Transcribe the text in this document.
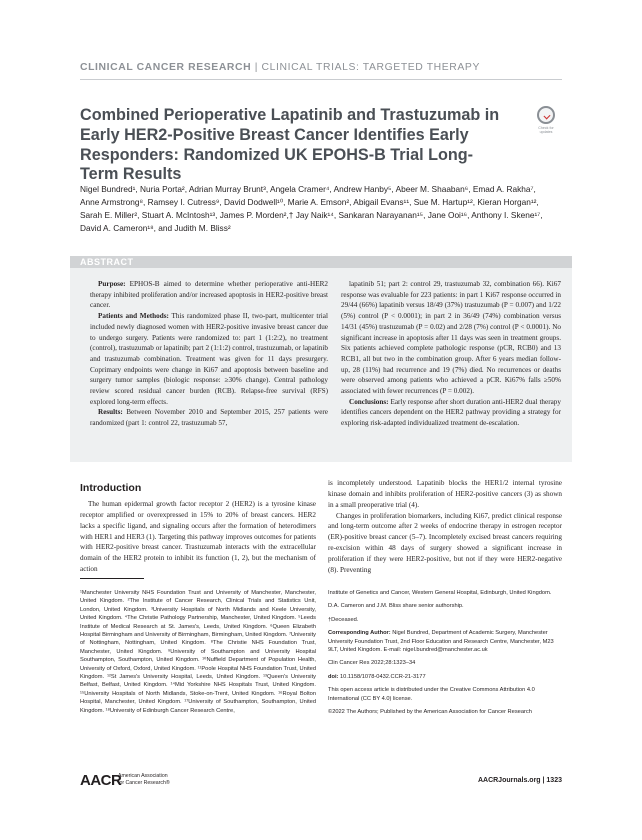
CLINICAL CANCER RESEARCH | CLINICAL TRIALS: TARGETED THERAPY
Combined Perioperative Lapatinib and Trastuzumab in Early HER2-Positive Breast Cancer Identifies Early Responders: Randomized UK EPOHS-B Trial Long-Term Results
Check for updates
Nigel Bundred¹, Nuria Porta², Adrian Murray Brunt³, Angela Cramer⁴, Andrew Hanby⁵, Abeer M. Shaaban⁶, Emad A. Rakha⁷, Anne Armstrong⁸, Ramsey I. Cutress⁹, David Dodwell¹⁰, Marie A. Emson², Abigail Evans¹¹, Sue M. Hartup¹², Kieran Horgan¹², Sarah E. Miller², Stuart A. McIntosh¹³, James P. Morden²,† Jay Naik¹⁴, Sankaran Narayanan¹⁵, Jane Ooi¹⁶, Anthony I. Skene¹⁷, David A. Cameron¹⁸, and Judith M. Bliss²
ABSTRACT

Purpose: EPHOS-B aimed to determine whether perioperative anti-HER2 therapy inhibited proliferation and/or increased apoptosis in HER2-positive breast cancer.

Patients and Methods: This randomized phase II, two-part, multicenter trial included newly diagnosed women with HER2-positive invasive breast cancer due to undergo surgery. Patients were randomized to: part 1 (1:2:2), no treatment (control), trastuzumab or lapatinib; part 2 (1:1:2) control, trastuzumab, or lapatinib and trastuzumab combination. Treatment was given for 11 days presurgery. Coprimary endpoints were change in Ki67 and apoptosis between baseline and surgery tumor samples (biologic response: ≥30% change). Central pathology review scored residual cancer burden (RCB). Relapse-free survival (RFS) explored long-term effects.

Results: Between November 2010 and September 2015, 257 patients were randomized (part 1: control 22, trastuzumab 57,

lapatinib 51; part 2: control 29, trastuzumab 32, combination 66). Ki67 response was evaluable for 223 patients: in part 1 Ki67 response occurred in 29/44 (66%) lapatinib versus 18/49 (37%) trastuzumab (P = 0.007) and 1/22 (5%) control (P < 0.0001); in part 2 in 36/49 (74%) combination versus 14/31 (45%) trastuzumab (P = 0.02) and 2/28 (7%) control (P < 0.0001). No significant increase in apoptosis after 11 days was seen in treatment groups. Six patients achieved complete pathologic response (pCR, RCB0) and 13 RCB1, all but two in the combination group. After 6 years median follow-up, 28 (11%) had recurrence and 19 (7%) died. No recurrences or deaths were observed among patients who achieved a pCR. Ki67% falls ≥50% associated with fewer recurrences (P = 0.002).

Conclusions: Early response after short duration anti-HER2 dual therapy identifies cancers dependent on the HER2 pathway providing a strategy for exploring risk-adapted individualized treatment de-escalation.

Introduction

The human epidermal growth factor receptor 2 (HER2) is a tyrosine kinase receptor amplified or overexpressed in 15% to 20% of breast cancers. HER2 lacks a specific ligand, and signaling occurs after the formation of heterodimers with HER1 and HER3 (1). Targeting this pathway improves outcomes for patients with HER2-positive breast cancer. Trastuzumab interacts with the extracellular domain of the HER2 protein to inhibit its function (1, 2), but the mechanism of action

is incompletely understood. Lapatinib blocks the HER1/2 internal tyrosine kinase domain and inhibits proliferation of HER2-positive cancers (3) as shown in a small preoperative trial (4).

Changes in proliferation biomarkers, including Ki67, predict clinical response and long-term outcome after 2 weeks of endocrine therapy in estrogen receptor (ER)-positive breast cancer (5–7). Incompletely excised breast cancers requiring re-excision within 48 days of surgery showed a significant increase in proliferation if they were HER2-positive, but not if they were HER2-negative (8). Preventing

¹Manchester University NHS Foundation Trust and University of Manchester, Manchester, United Kingdom. ²The Institute of Cancer Research, Clinical Trials and Statistics Unit, London, United Kingdom. ³University Hospitals of North Midlands and Keele University, United Kingdom. ⁴The Christie Pathology Partnership, Manchester, United Kingdom. ⁵Leeds Institute of Medical Research at St. James's, Leeds, United Kingdom. ⁶Queen Elizabeth Hospital Birmingham and University of Birmingham, Birmingham, United Kingdom. ⁷University of Nottingham, Nottingham, United Kingdom. ⁸The Christie NHS Foundation Trust, Manchester, United Kingdom. ⁹University of Southampton and University Hospital Southampton, Southampton, United Kingdom. ¹⁰Nuffield Department of Population Health, University of Oxford, Oxford, United Kingdom. ¹¹Poole Hospital NHS Foundation Trust, United Kingdom. ¹²St James's University Hospital, Leeds, United Kingdom. ¹³Queen's University Belfast, Belfast, United Kingdom. ¹⁴Mid Yorkshire NHS Hospitals Trust, United Kingdom. ¹⁵University Hospitals of North Midlands, Stoke-on-Trent, United Kingdom. ¹⁶Royal Bolton Hospital, Manchester, United Kingdom. ¹⁷University of Southampton, Southampton, United Kingdom. ¹⁸University of Edinburgh Cancer Research Centre,

Institute of Genetics and Cancer, Western General Hospital, Edinburgh, United Kingdom.

D.A. Cameron and J.M. Bliss share senior authorship.

†Deceased.

Corresponding Author: Nigel Bundred, Department of Academic Surgery, Manchester University Foundation Trust, 2nd Floor Education and Research Centre, Manchester, M23 9LT, United Kingdom. E-mail: nigel.bundred@manchester.ac.uk

Clin Cancer Res 2022;28:1323–34

doi: 10.1158/1078-0432.CCR-21-3177

This open access article is distributed under the Creative Commons Attribution 4.0 International (CC BY 4.0) license.

©2022 The Authors; Published by the American Association for Cancer Research

AACR
American Association
for Cancer Research®	AACRJournals.org | 1323
